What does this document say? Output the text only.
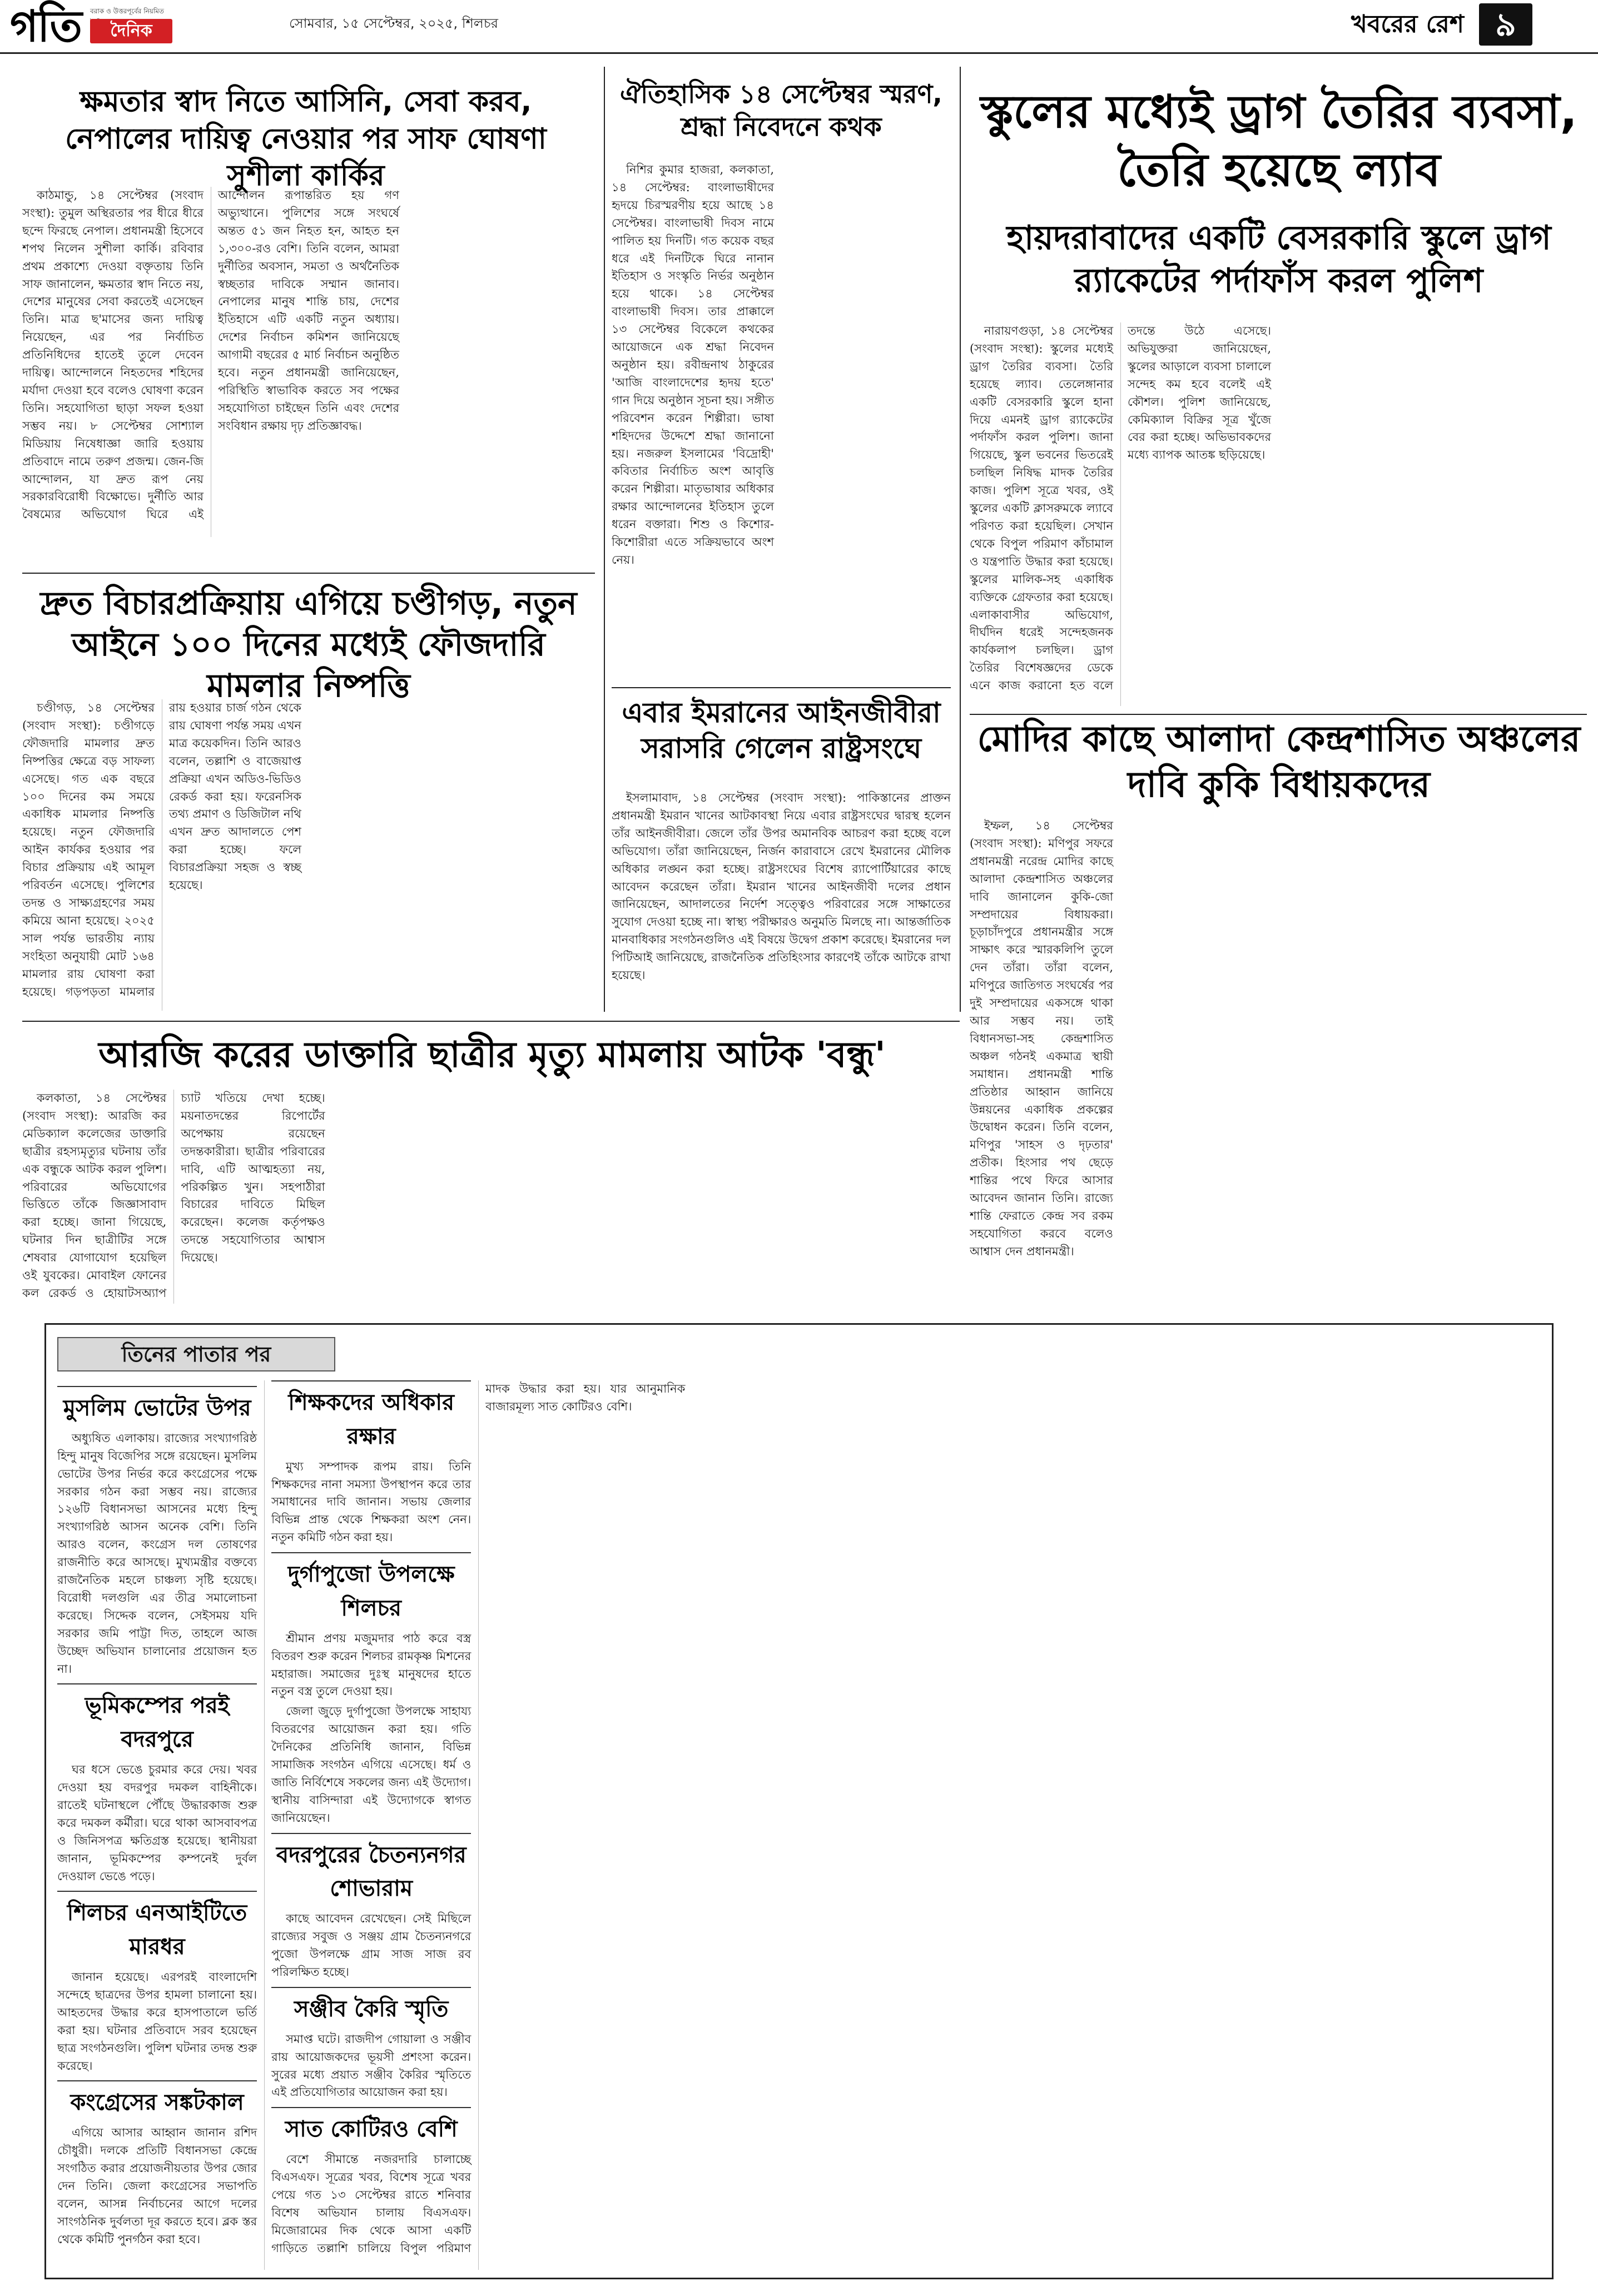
গতি বরাক ও উত্তরপূর্বের নিয়মিত
দৈনিক	সোমবার, ১৫ সেপ্টেম্বর, ২০২৫, শিলচর	খবরের রেশ ৯
ক্ষমতার স্বাদ নিতে আসিনি, সেবা করব, নেপালের দায়িত্ব নেওয়ার পর সাফ ঘোষণা সুশীলা কার্কির

কাঠমান্ডু, ১৪ সেপ্টেম্বর (সংবাদ সংস্থা): তুমুল অস্থিরতার পর ধীরে ধীরে ছন্দে ফিরছে নেপাল। প্রধানমন্ত্রী হিসেবে শপথ নিলেন সুশীলা কার্কি। রবিবার প্রথম প্রকাশ্যে দেওয়া বক্তৃতায় তিনি সাফ জানালেন, ক্ষমতার স্বাদ নিতে নয়, দেশের মানুষের সেবা করতেই এসেছেন তিনি। মাত্র ছ'মাসের জন্য দায়িত্ব নিয়েছেন, এর পর নির্বাচিত প্রতিনিধিদের হাতেই তুলে দেবেন দায়িত্ব। আন্দোলনে নিহতদের শহিদের মর্যাদা দেওয়া হবে বলেও ঘোষণা করেন তিনি। সহযোগিতা ছাড়া সফল হওয়া সম্ভব নয়। ৮ সেপ্টেম্বর সোশ্যাল মিডিয়ায় নিষেধাজ্ঞা জারি হওয়ায় প্রতিবাদে নামে তরুণ প্রজন্ম। জেন-জি আন্দোলন, যা দ্রুত রূপ নেয় সরকারবিরোধী বিক্ষোভে। দুর্নীতি আর বৈষম্যের অভিযোগ ঘিরে এই আন্দোলন রূপান্তরিত হয় গণ অভ্যুত্থানে। পুলিশের সঙ্গে সংঘর্ষে অন্তত ৫১ জন নিহত হন, আহত হন ১,৩০০-রও বেশি। তিনি বলেন, আমরা দুর্নীতির অবসান, সমতা ও অর্থনৈতিক স্বচ্ছতার দাবিকে সম্মান জানাব। নেপালের মানুষ শান্তি চায়, দেশের ইতিহাসে এটি একটি নতুন অধ্যায়। দেশের নির্বাচন কমিশন জানিয়েছে আগামী বছরের ৫ মার্চ নির্বাচন অনুষ্ঠিত হবে। নতুন প্রধানমন্ত্রী জানিয়েছেন, পরিস্থিতি স্বাভাবিক করতে সব পক্ষের সহযোগিতা চাইছেন তিনি এবং দেশের সংবিধান রক্ষায় দৃঢ় প্রতিজ্ঞাবদ্ধ।

দ্রুত বিচারপ্রক্রিয়ায় এগিয়ে চণ্ডীগড়, নতুন আইনে ১০০ দিনের মধ্যেই ফৌজদারি মামলার নিষ্পত্তি

চণ্ডীগড়, ১৪ সেপ্টেম্বর (সংবাদ সংস্থা): চণ্ডীগড়ে ফৌজদারি মামলার দ্রুত নিষ্পত্তির ক্ষেত্রে বড় সাফল্য এসেছে। গত এক বছরে ১০০ দিনের কম সময়ে একাধিক মামলার নিষ্পত্তি হয়েছে। নতুন ফৌজদারি আইন কার্যকর হওয়ার পর বিচার প্রক্রিয়ায় এই আমূল পরিবর্তন এসেছে। পুলিশের তদন্ত ও সাক্ষ্যগ্রহণের সময় কমিয়ে আনা হয়েছে। ২০২৫ সাল পর্যন্ত ভারতীয় ন্যায় সংহিতা অনুযায়ী মোট ১৬৪ মামলার রায় ঘোষণা করা হয়েছে। গড়পড়তা মামলার রায় হওয়ার চার্জ গঠন থেকে রায় ঘোষণা পর্যন্ত সময় এখন মাত্র কয়েকদিন। তিনি আরও বলেন, তল্লাশি ও বাজেয়াপ্ত প্রক্রিয়া এখন অডিও-ভিডিও রেকর্ড করা হয়। ফরেনসিক তথ্য প্রমাণ ও ডিজিটাল নথি এখন দ্রুত আদালতে পেশ করা হচ্ছে। ফলে বিচারপ্রক্রিয়া সহজ ও স্বচ্ছ হয়েছে।

ঐতিহাসিক ১৪ সেপ্টেম্বর স্মরণ, শ্রদ্ধা নিবেদনে কথক

নিশির কুমার হাজরা, কলকাতা, ১৪ সেপ্টেম্বর: বাংলাভাষীদের হৃদয়ে চিরস্মরণীয় হয়ে আছে ১৪ সেপ্টেম্বর। বাংলাভাষী দিবস নামে পালিত হয় দিনটি। গত কয়েক বছর ধরে এই দিনটিকে ঘিরে নানান ইতিহাস ও সংস্কৃতি নির্ভর অনুষ্ঠান হয়ে থাকে। ১৪ সেপ্টেম্বর বাংলাভাষী দিবস। তার প্রাক্কালে ১৩ সেপ্টেম্বর বিকেলে কথকের আয়োজনে এক শ্রদ্ধা নিবেদন অনুষ্ঠান হয়। রবীন্দ্রনাথ ঠাকুরের 'আজি বাংলাদেশের হৃদয় হতে' গান দিয়ে অনুষ্ঠান সূচনা হয়। সঙ্গীত পরিবেশন করেন শিল্পীরা। ভাষা শহিদদের উদ্দেশে শ্রদ্ধা জানানো হয়। নজরুল ইসলামের 'বিদ্রোহী' কবিতার নির্বাচিত অংশ আবৃত্তি করেন শিল্পীরা। মাতৃভাষার অধিকার রক্ষার আন্দোলনের ইতিহাস তুলে ধরেন বক্তারা। শিশু ও কিশোর-কিশোরীরা এতে সক্রিয়ভাবে অংশ নেয়।

এবার ইমরানের আইনজীবীরা সরাসরি গেলেন রাষ্ট্রসংঘে

ইসলামাবাদ, ১৪ সেপ্টেম্বর (সংবাদ সংস্থা): পাকিস্তানের প্রাক্তন প্রধানমন্ত্রী ইমরান খানের আটকাবস্থা নিয়ে এবার রাষ্ট্রসংঘের দ্বারস্থ হলেন তাঁর আইনজীবীরা। জেলে তাঁর উপর অমানবিক আচরণ করা হচ্ছে বলে অভিযোগ। তাঁরা জানিয়েছেন, নির্জন কারাবাসে রেখে ইমরানের মৌলিক অধিকার লঙ্ঘন করা হচ্ছে। রাষ্ট্রসংঘের বিশেষ র‍্যাপোর্টিয়ারের কাছে আবেদন করেছেন তাঁরা। ইমরান খানের আইনজীবী দলের প্রধান জানিয়েছেন, আদালতের নির্দেশ সত্ত্বেও পরিবারের সঙ্গে সাক্ষাতের সুযোগ দেওয়া হচ্ছে না। স্বাস্থ্য পরীক্ষারও অনুমতি মিলছে না। আন্তর্জাতিক মানবাধিকার সংগঠনগুলিও এই বিষয়ে উদ্বেগ প্রকাশ করেছে। ইমরানের দল পিটিআই জানিয়েছে, রাজনৈতিক প্রতিহিংসার কারণেই তাঁকে আটকে রাখা হয়েছে।

স্কুলের মধ্যেই ড্রাগ তৈরির ব্যবসা, তৈরি হয়েছে ল্যাব
হায়দরাবাদের একটি বেসরকারি স্কুলে ড্রাগ র‍্যাকেটের পর্দাফাঁস করল পুলিশ

নারায়ণগুড়া, ১৪ সেপ্টেম্বর (সংবাদ সংস্থা): স্কুলের মধ্যেই ড্রাগ তৈরির ব্যবসা। তৈরি হয়েছে ল্যাব। তেলেঙ্গানার একটি বেসরকারি স্কুলে হানা দিয়ে এমনই ড্রাগ র‍্যাকেটের পর্দাফাঁস করল পুলিশ। জানা গিয়েছে, স্কুল ভবনের ভিতরেই চলছিল নিষিদ্ধ মাদক তৈরির কাজ। পুলিশ সূত্রে খবর, ওই স্কুলের একটি ক্লাসরুমকে ল্যাবে পরিণত করা হয়েছিল। সেখান থেকে বিপুল পরিমাণ কাঁচামাল ও যন্ত্রপাতি উদ্ধার করা হয়েছে। স্কুলের মালিক-সহ একাধিক ব্যক্তিকে গ্রেফতার করা হয়েছে। এলাকাবাসীর অভিযোগ, দীর্ঘদিন ধরেই সন্দেহজনক কার্যকলাপ চলছিল। ড্রাগ তৈরির বিশেষজ্ঞদের ডেকে এনে কাজ করানো হত বলে তদন্তে উঠে এসেছে। অভিযুক্তরা জানিয়েছেন, স্কুলের আড়ালে ব্যবসা চালালে সন্দেহ কম হবে বলেই এই কৌশল। পুলিশ জানিয়েছে, কেমিক্যাল বিক্রির সূত্র খুঁজে বের করা হচ্ছে। অভিভাবকদের মধ্যে ব্যাপক আতঙ্ক ছড়িয়েছে।

মোদির কাছে আলাদা কেন্দ্রশাসিত অঞ্চলের দাবি কুকি বিধায়কদের

ইম্ফল, ১৪ সেপ্টেম্বর (সংবাদ সংস্থা): মণিপুর সফরে প্রধানমন্ত্রী নরেন্দ্র মোদির কাছে আলাদা কেন্দ্রশাসিত অঞ্চলের দাবি জানালেন কুকি-জো সম্প্রদায়ের বিধায়করা। চূড়াচাঁদপুরে প্রধানমন্ত্রীর সঙ্গে সাক্ষাৎ করে স্মারকলিপি তুলে দেন তাঁরা। তাঁরা বলেন, মণিপুরে জাতিগত সংঘর্ষের পর দুই সম্প্রদায়ের একসঙ্গে থাকা আর সম্ভব নয়। তাই বিধানসভা-সহ কেন্দ্রশাসিত অঞ্চল গঠনই একমাত্র স্থায়ী সমাধান। প্রধানমন্ত্রী শান্তি প্রতিষ্ঠার আহ্বান জানিয়ে উন্নয়নের একাধিক প্রকল্পের উদ্বোধন করেন। তিনি বলেন, মণিপুর 'সাহস ও দৃঢ়তার' প্রতীক। হিংসার পথ ছেড়ে শান্তির পথে ফিরে আসার আবেদন জানান তিনি। রাজ্যে শান্তি ফেরাতে কেন্দ্র সব রকম সহযোগিতা করবে বলেও আশ্বাস দেন প্রধানমন্ত্রী।

আরজি করের ডাক্তারি ছাত্রীর মৃত্যু মামলায় আটক 'বন্ধু'

কলকাতা, ১৪ সেপ্টেম্বর (সংবাদ সংস্থা): আরজি কর মেডিক্যাল কলেজের ডাক্তারি ছাত্রীর রহস্যমৃত্যুর ঘটনায় তাঁর এক বন্ধুকে আটক করল পুলিশ। পরিবারের অভিযোগের ভিত্তিতে তাঁকে জিজ্ঞাসাবাদ করা হচ্ছে। জানা গিয়েছে, ঘটনার দিন ছাত্রীটির সঙ্গে শেষবার যোগাযোগ হয়েছিল ওই যুবকের। মোবাইল ফোনের কল রেকর্ড ও হোয়াটসঅ্যাপ চ্যাট খতিয়ে দেখা হচ্ছে। ময়নাতদন্তের রিপোর্টের অপেক্ষায় রয়েছেন তদন্তকারীরা। ছাত্রীর পরিবারের দাবি, এটি আত্মহত্যা নয়, পরিকল্পিত খুন। সহপাঠীরা বিচারের দাবিতে মিছিল করেছেন। কলেজ কর্তৃপক্ষও তদন্তে সহযোগিতার আশ্বাস দিয়েছে।

তিনের পাতার পর
মুসলিম ভোটের উপর

অধ্যুষিত এলাকায়। রাজ্যের সংখ্যাগরিষ্ঠ হিন্দু মানুষ বিজেপির সঙ্গে রয়েছেন। মুসলিম ভোটের উপর নির্ভর করে কংগ্রেসের পক্ষে সরকার গঠন করা সম্ভব নয়। রাজ্যের ১২৬টি বিধানসভা আসনের মধ্যে হিন্দু সংখ্যাগরিষ্ঠ আসন অনেক বেশি। তিনি আরও বলেন, কংগ্রেস দল তোষণের রাজনীতি করে আসছে। মুখ্যমন্ত্রীর বক্তব্যে রাজনৈতিক মহলে চাঞ্চল্য সৃষ্টি হয়েছে। বিরোধী দলগুলি এর তীব্র সমালোচনা করেছে। সিদ্দেক বলেন, সেইসময় যদি সরকার জমি পাট্টা দিত, তাহলে আজ উচ্ছেদ অভিযান চালানোর প্রয়োজন হত না।

ভূমিকম্পের পরই বদরপুরে

ঘর ধসে ভেঙে চুরমার করে দেয়। খবর দেওয়া হয় বদরপুর দমকল বাহিনীকে। রাতেই ঘটনাস্থলে পৌঁছে উদ্ধারকাজ শুরু করে দমকল কর্মীরা। ঘরে থাকা আসবাবপত্র ও জিনিসপত্র ক্ষতিগ্রস্ত হয়েছে। স্থানীয়রা জানান, ভূমিকম্পের কম্পনেই দুর্বল দেওয়াল ভেঙে পড়ে।

শিলচর এনআইটিতে মারধর

জানান হয়েছে। এরপরই বাংলাদেশি সন্দেহে ছাত্রদের উপর হামলা চালানো হয়। আহতদের উদ্ধার করে হাসপাতালে ভর্তি করা হয়। ঘটনার প্রতিবাদে সরব হয়েছেন ছাত্র সংগঠনগুলি। পুলিশ ঘটনার তদন্ত শুরু করেছে।

কংগ্রেসের সঙ্কটকাল

এগিয়ে আসার আহ্বান জানান রশিদ চৌধুরী। দলকে প্রতিটি বিধানসভা কেন্দ্রে সংগঠিত করার প্রয়োজনীয়তার উপর জোর দেন তিনি। জেলা কংগ্রেসের সভাপতি বলেন, আসন্ন নির্বাচনের আগে দলের সাংগঠনিক দুর্বলতা দূর করতে হবে। ব্লক স্তর থেকে কমিটি পুনর্গঠন করা হবে।

শিক্ষকদের অধিকার রক্ষার

মুখ্য সম্পাদক রূপম রায়। তিনি শিক্ষকদের নানা সমস্যা উপস্থাপন করে তার সমাধানের দাবি জানান। সভায় জেলার বিভিন্ন প্রান্ত থেকে শিক্ষকরা অংশ নেন। নতুন কমিটি গঠন করা হয়।

দুর্গাপুজো উপলক্ষে শিলচর

শ্রীমান প্রণয় মজুমদার পাঠ করে বস্ত্র বিতরণ শুরু করেন শিলচর রামকৃষ্ণ মিশনের মহারাজ। সমাজের দুঃস্থ মানুষদের হাতে নতুন বস্ত্র তুলে দেওয়া হয়।

জেলা জুড়ে দুর্গাপুজো উপলক্ষে সাহায্য বিতরণের আয়োজন করা হয়। গতি দৈনিকের প্রতিনিধি জানান, বিভিন্ন সামাজিক সংগঠন এগিয়ে এসেছে। ধর্ম ও জাতি নির্বিশেষে সকলের জন্য এই উদ্যোগ। স্থানীয় বাসিন্দারা এই উদ্যোগকে স্বাগত জানিয়েছেন।

বদরপুরের চৈতন্যনগর শোভারাম

কাছে আবেদন রেখেছেন। সেই মিছিলে রাজ্যের সবুজ ও সঞ্জয় গ্রাম চৈতন্যনগরে পুজো উপলক্ষে গ্রাম সাজ সাজ রব পরিলক্ষিত হচ্ছে।

সঞ্জীব কৈরি স্মৃতি

সমাপ্ত ঘটে। রাজদীপ গোয়ালা ও সঞ্জীব রায় আয়োজকদের ভূয়সী প্রশংসা করেন। সুরের মধ্যে প্রয়াত সঞ্জীব কৈরির স্মৃতিতে এই প্রতিযোগিতার আয়োজন করা হয়।

সাত কোটিরও বেশি

বেশে সীমান্তে নজরদারি চালাচ্ছে বিএসএফ। সূত্রের খবর, বিশেষ সূত্রে খবর পেয়ে গত ১৩ সেপ্টেম্বর রাতে শনিবার বিশেষ অভিযান চালায় বিএসএফ। মিজোরামের দিক থেকে আসা একটি গাড়িতে তল্লাশি চালিয়ে বিপুল পরিমাণ মাদক উদ্ধার করা হয়। যার আনুমানিক বাজারমূল্য সাত কোটিরও বেশি।
